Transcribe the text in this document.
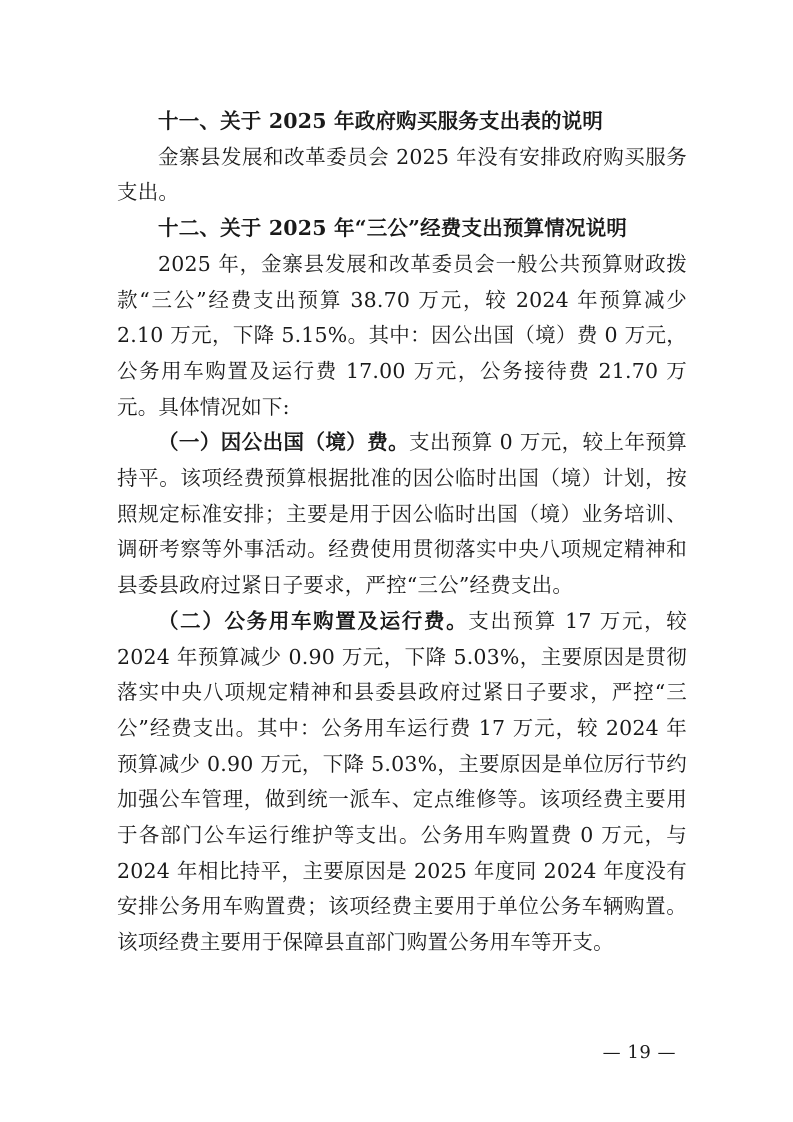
十一、关于 2025 年政府购买服务支出表的说明

金寨县发展和改革委员会 2025 年没有安排政府购买服务支出。

十二、关于 2025 年“三公”经费支出预算情况说明

2025 年，金寨县发展和改革委员会一般公共预算财政拨款“三公”经费支出预算 38.70 万元，较 2024 年预算减少 2.10 万元，下降 5.15%。其中：因公出国（境）费 0 万元，公务用车购置及运行费 17.00 万元，公务接待费 21.70 万元。具体情况如下:

（一）因公出国（境）费。支出预算 0 万元，较上年预算持平。该项经费预算根据批准的因公临时出国（境）计划，按照规定标准安排；主要是用于因公临时出国（境）业务培训、调研考察等外事活动。经费使用贯彻落实中央八项规定精神和县委县政府过紧日子要求，严控“三公”经费支出。

（二）公务用车购置及运行费。支出预算 17 万元，较 2024 年预算减少 0.90 万元，下降 5.03%，主要原因是贯彻落实中央八项规定精神和县委县政府过紧日子要求，严控“三公”经费支出。其中：公务用车运行费 17 万元，较 2024 年预算减少 0.90 万元，下降 5.03%，主要原因是单位厉行节约加强公车管理，做到统一派车、定点维修等。该项经费主要用于各部门公车运行维护等支出。公务用车购置费 0 万元，与 2024 年相比持平，主要原因是 2025 年度同 2024 年度没有安排公务用车购置费；该项经费主要用于单位公务车辆购置。该项经费主要用于保障县直部门购置公务用车等开支。

— 19 —
